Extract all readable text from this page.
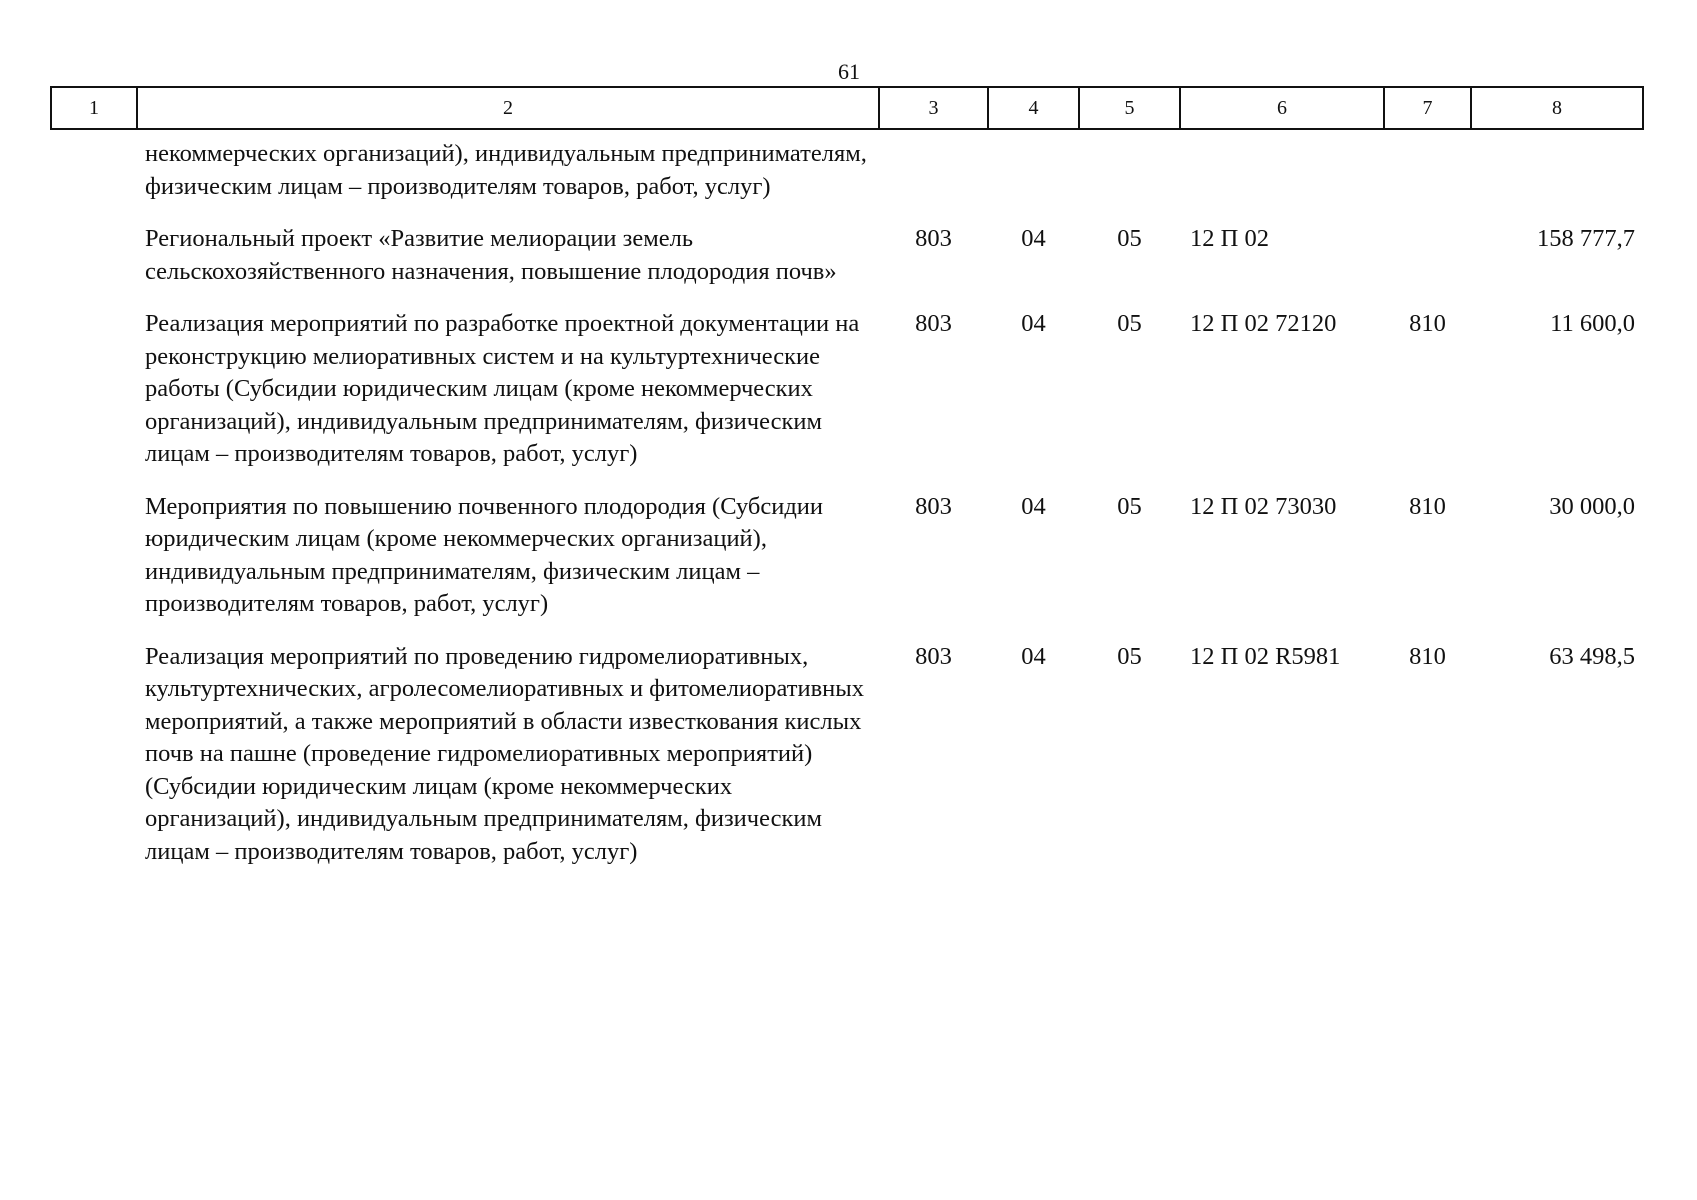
61
1	2	3	4	5	6	7	8
	некоммерческих организаций), индивидуальным предпринимателям, физическим лицам – производителям товаров, работ, услуг)						
	Региональный проект «Развитие мелиорации земель сельскохозяйственного назначения, повышение плодородия почв»	803	04	05	12 П 02		158 777,7
	Реализация мероприятий по разработке проектной документации на реконструкцию мелиоративных систем и на культуртехнические работы (Субсидии юридическим лицам (кроме некоммерческих организаций), индивидуальным предпринимателям, физическим лицам – производителям товаров, работ, услуг)	803	04	05	12 П 02 72120	810	11 600,0
	Мероприятия по повышению почвенного плодородия (Субсидии юридическим лицам (кроме некоммерческих организаций), индивидуальным предпринимателям, физическим лицам – производителям товаров, работ, услуг)	803	04	05	12 П 02 73030	810	30 000,0
	Реализация мероприятий по проведению гидромелиоративных, культуртехнических, агролесомелиоративных и фитомелиоративных мероприятий, а также мероприятий в области известкования кислых почв на пашне (проведение гидромелиоративных мероприятий) (Субсидии юридическим лицам (кроме некоммерческих организаций), индивидуальным предпринимателям, физическим лицам – производителям товаров, работ, услуг)	803	04	05	12 П 02 R5981	810	63 498,5
